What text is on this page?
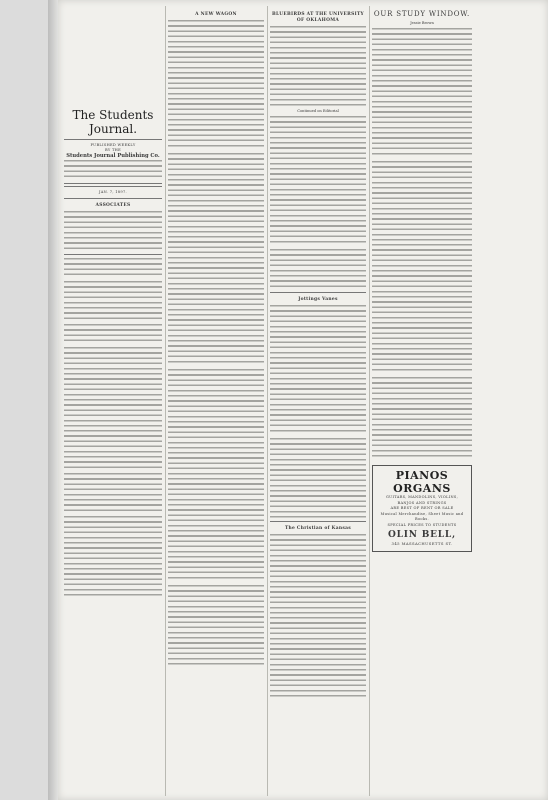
The Students Journal.
PUBLISHED WEEKLY
BY THE
Students Journal Publishing Co.
JAN. 7, 1897.
ASSOCIATES
A NEW WAGON	BLUEBIRDS AT THE UNIVERSITY OF OKLAHOMA
Continued on Editorial
Jottings Vanes
The Christian of Kansas
OUR STUDY WINDOW.
Jessie Brown
PIANOS ORGANS
GUITARS, MANDOLINS, VIOLINS,
BANJOS AND STRINGS
ARE BEST OF RENT OR SALE
Musical Merchandise, Sheet Music and Books.
SPECIAL PRICES TO STUDENTS
OLIN BELL,
345 MASSACHUSETTS ST.
